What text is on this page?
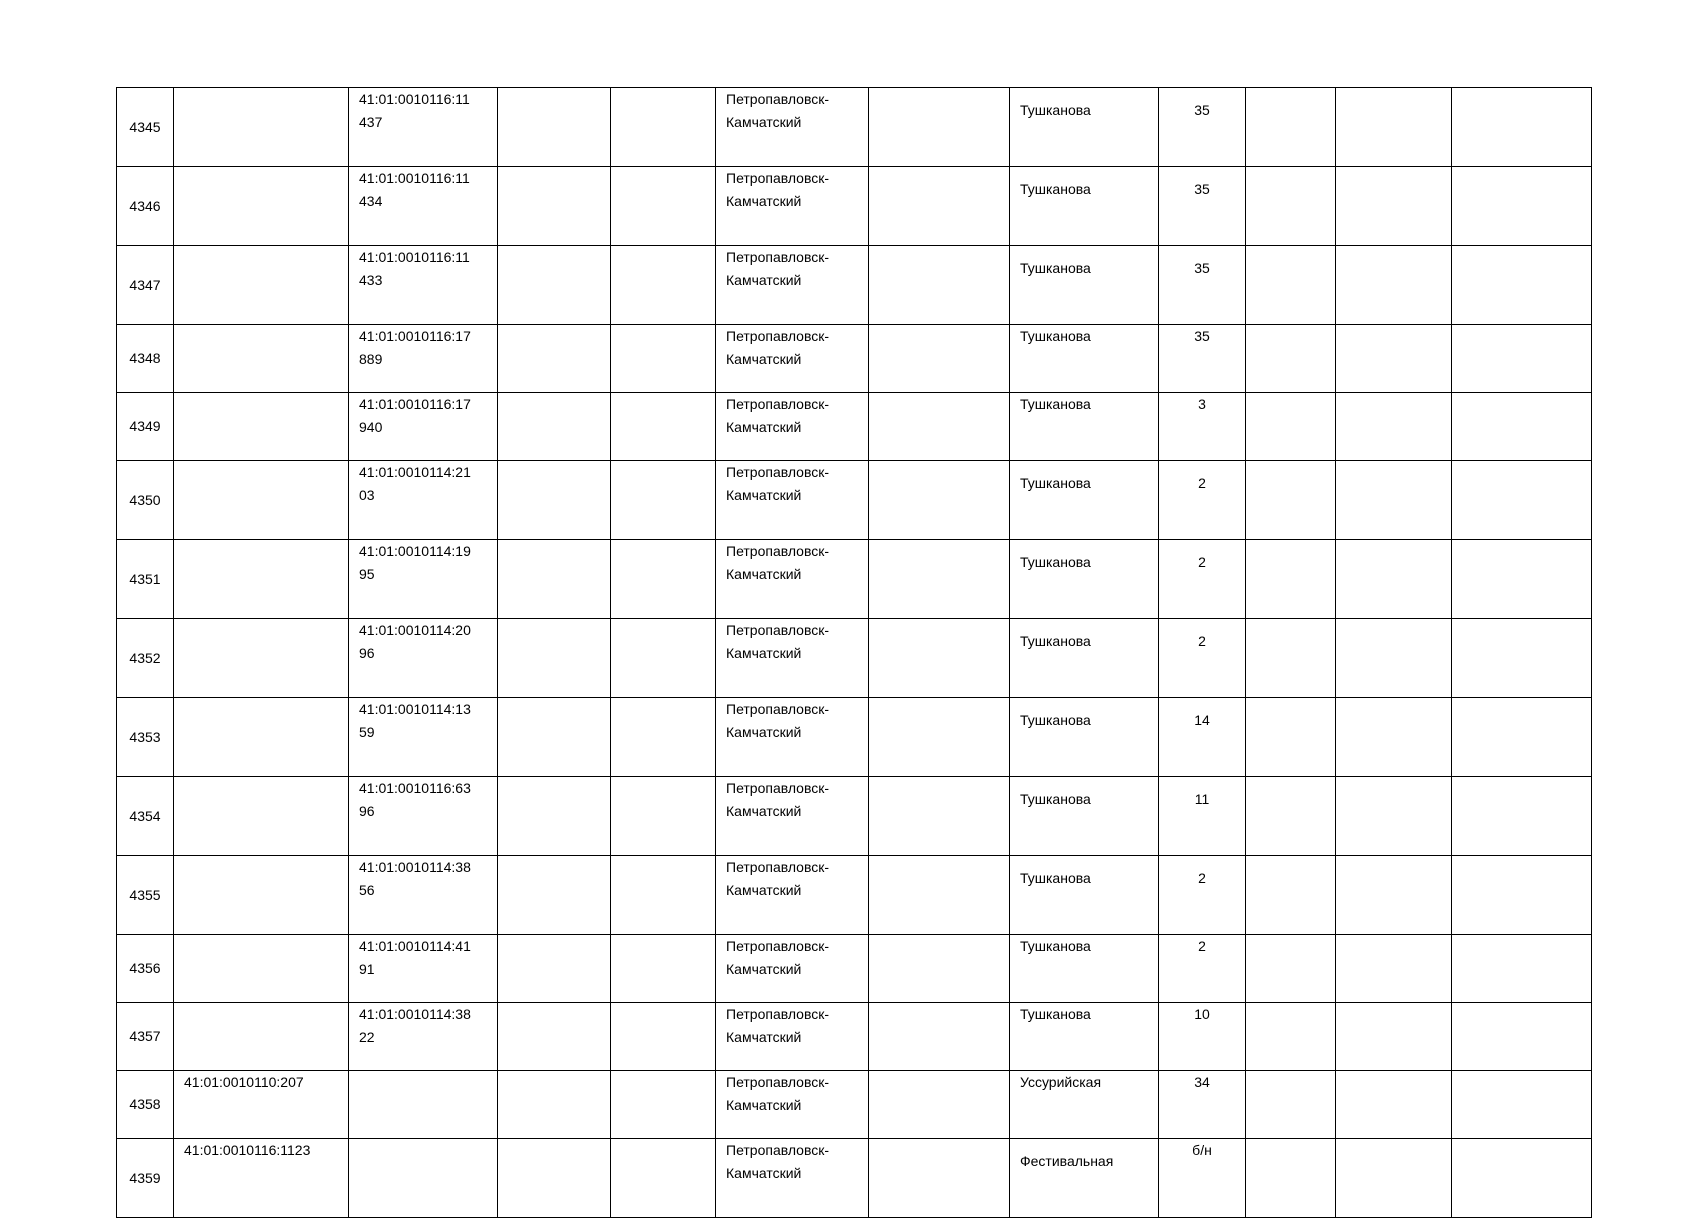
4345		41:01:0010116:11437			Петропавловск-Камчатский		Тушканова	35			
4346		41:01:0010116:11434			Петропавловск-Камчатский		Тушканова	35			
4347		41:01:0010116:11433			Петропавловск-Камчатский		Тушканова	35			
4348		41:01:0010116:17889			Петропавловск-Камчатский		Тушканова	35			
4349		41:01:0010116:17940			Петропавловск-Камчатский		Тушканова	3			
4350		41:01:0010114:2103			Петропавловск-Камчатский		Тушканова	2			
4351		41:01:0010114:1995			Петропавловск-Камчатский		Тушканова	2			
4352		41:01:0010114:2096			Петропавловск-Камчатский		Тушканова	2			
4353		41:01:0010114:1359			Петропавловск-Камчатский		Тушканова	14			
4354		41:01:0010116:6396			Петропавловск-Камчатский		Тушканова	11			
4355		41:01:0010114:3856			Петропавловск-Камчатский		Тушканова	2			
4356		41:01:0010114:4191			Петропавловск-Камчатский		Тушканова	2			
4357		41:01:0010114:3822			Петропавловск-Камчатский		Тушканова	10			
4358	41:01:0010110:207				Петропавловск-Камчатский		Уссурийская	34			
4359	41:01:0010116:1123				Петропавловск-Камчатский		Фестивальная	б/н			
